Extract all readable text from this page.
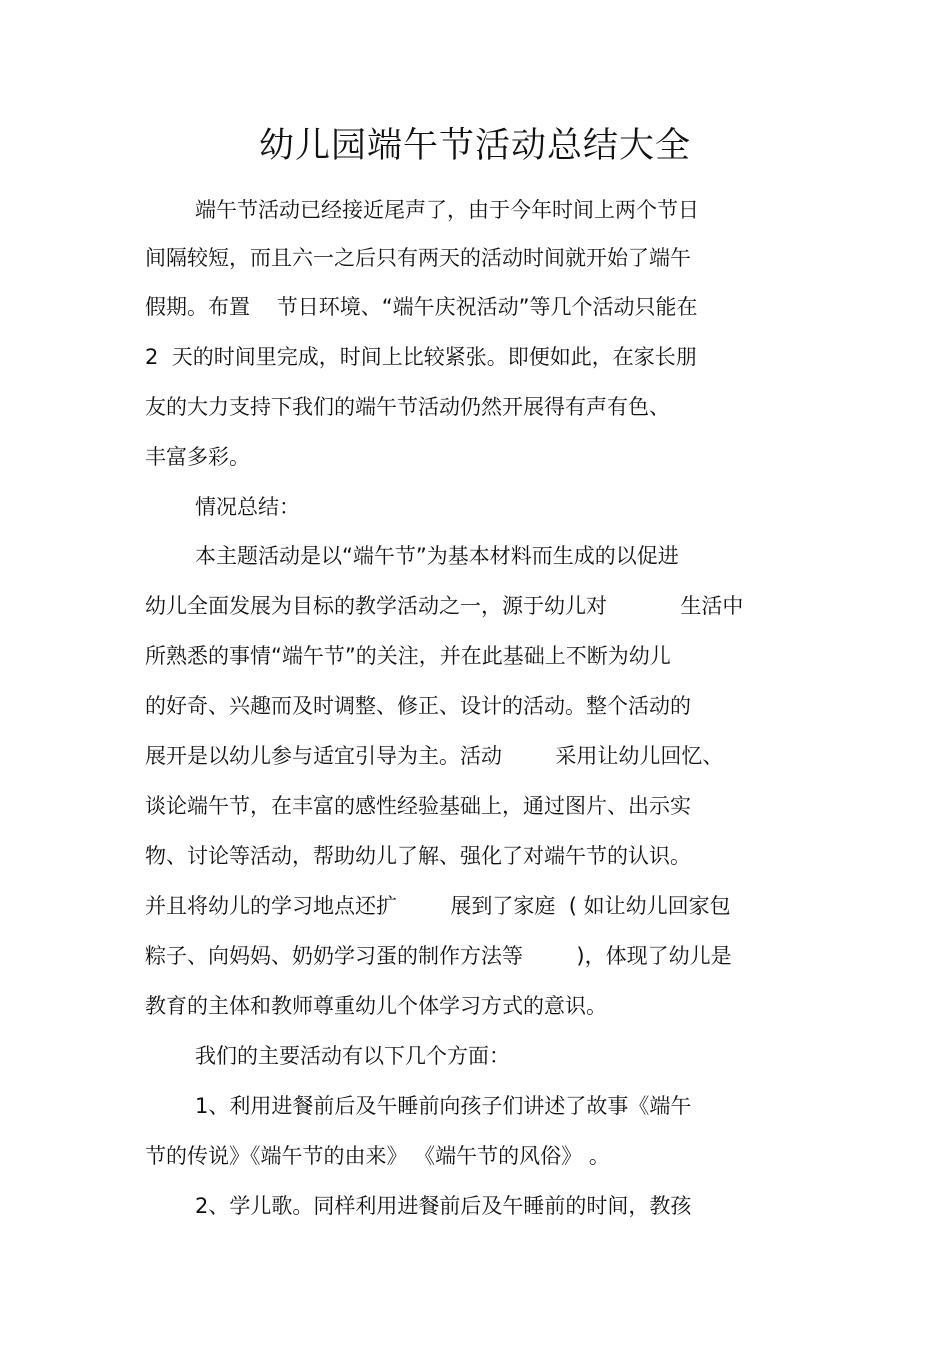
幼儿园端午节活动总结大全
端午节活动已经接近尾声了，由于今年时间上两个节日
间隔较短，而且六一之后只有两天的活动时间就开始了端午
假期。布置    节日环境、“端午庆祝活动”等几个活动只能在
2  天的时间里完成，时间上比较紧张。即便如此，在家长朋
友的大力支持下我们的端午节活动仍然开展得有声有色、
丰富多彩。
情况总结：
本主题活动是以“端午节”为基本材料而生成的以促进
幼儿全面发展为目标的教学活动之一，源于幼儿对           生活中
所熟悉的事情“端午节”的关注，并在此基础上不断为幼儿
的好奇、兴趣而及时调整、修正、设计的活动。整个活动的
展开是以幼儿参与适宜引导为主。活动        采用让幼儿回忆、
谈论端午节，在丰富的感性经验基础上，通过图片、出示实
物、讨论等活动，帮助幼儿了解、强化了对端午节的认识。
并且将幼儿的学习地点还扩        展到了家庭  ( 如让幼儿回家包
粽子、向妈妈、奶奶学习蛋的制作方法等        )，体现了幼儿是
教育的主体和教师尊重幼儿个体学习方式的意识。
我们的主要活动有以下几个方面：
1、利用进餐前后及午睡前向孩子们讲述了故事《端午
节的传说》《端午节的由来》 《端午节的风俗》 。
2、学儿歌。同样利用进餐前后及午睡前的时间，教孩
